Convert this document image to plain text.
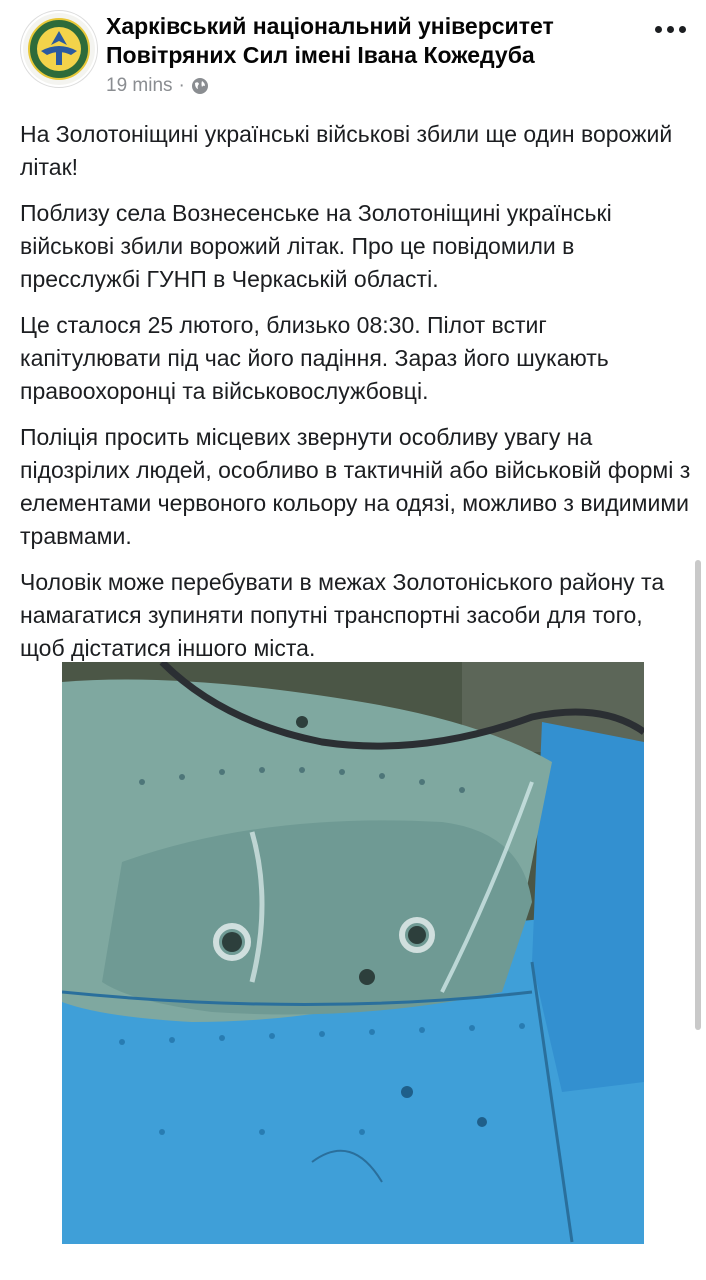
Харківський національний університет Повітряних Сил імені Івана Кожедуба
19 mins ·

На Золотоніщині українські військові збили ще один ворожий літак!

Поблизу села Вознесенське на Золотоніщині українські військові збили ворожий літак. Про це повідомили в пресслужбі ГУНП в Черкаській області.

Це сталося 25 лютого, близько 08:30. Пілот встиг капітулювати під час його падіння. Зараз його шукають правоохоронці та військовослужбовці.

Поліція просить місцевих звернути особливу увагу на підозрілих людей, особливо в тактичній або військовій формі з елементами червоного кольору на одязі, можливо з видимими травмами.

Чоловік може перебувати в межах Золотоніського району та намагатися зупиняти попутні транспортні засоби для того, щоб дістатися іншого міста.
